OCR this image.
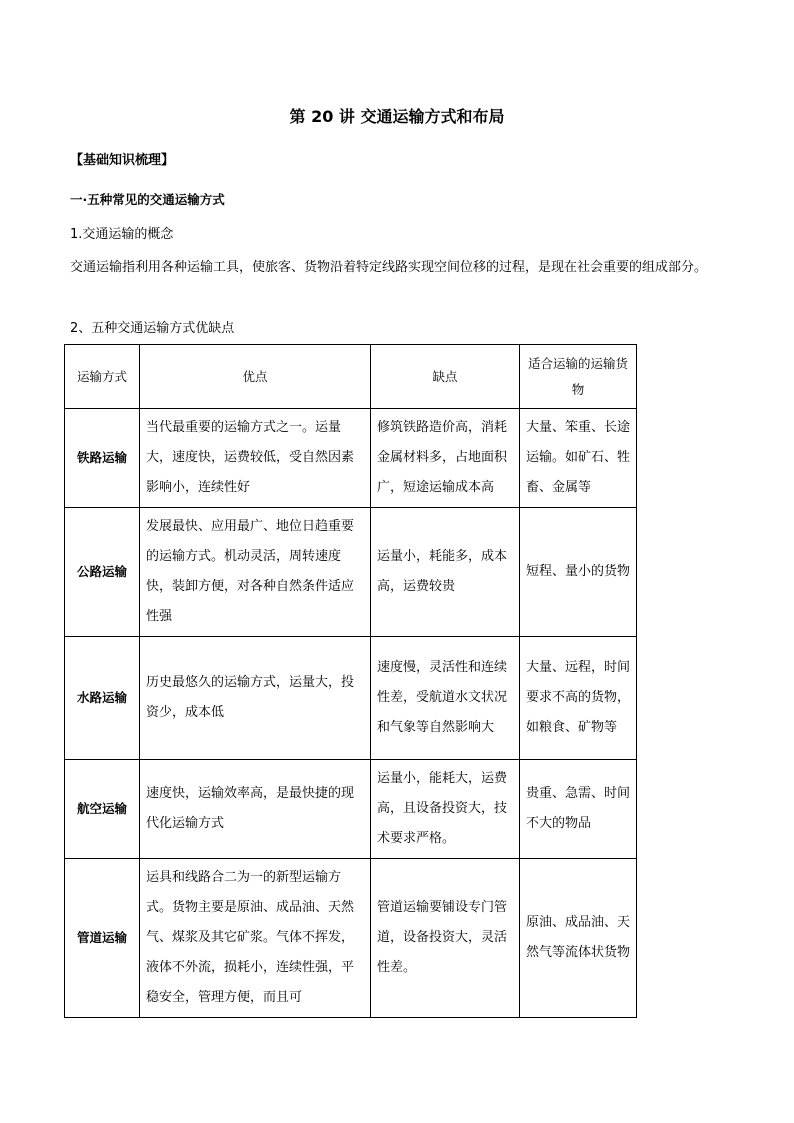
第 20 讲 交通运输方式和布局
【基础知识梳理】
一·五种常见的交通运输方式
1.交通运输的概念
交通运输指利用各种运输工具，使旅客、货物沿着特定线路实现空间位移的过程，是现在社会重要的组成部分。
2、五种交通运输方式优缺点
运输方式	优点	缺点	适合运输的运输货物
铁路运输	当代最重要的运输方式之一。运量大，速度快，运费较低，受自然因素影响小，连续性好	修筑铁路造价高，消耗金属材料多，占地面积广，短途运输成本高	大量、笨重、长途运输。如矿石、牲畜、金属等
公路运输	发展最快、应用最广、地位日趋重要的运输方式。机动灵活，周转速度快，装卸方便，对各种自然条件适应性强	运量小，耗能多，成本高，运费较贵	短程、量小的货物
水路运输	历史最悠久的运输方式，运量大，投资少，成本低	速度慢，灵活性和连续性差，受航道水文状况和气象等自然影响大	大量、远程，时间要求不高的货物，如粮食、矿物等
航空运输	速度快，运输效率高，是最快捷的现代化运输方式	运量小，能耗大，运费高，且设备投资大，技术要求严格。	贵重、急需、时间不大的物品
管道运输	运具和线路合二为一的新型运输方式。货物主要是原油、成品油、天然气、煤浆及其它矿浆。气体不挥发，液体不外流，损耗小，连续性强，平稳安全，管理方便，而且可	管道运输要铺设专门管道，设备投资大，灵活性差。	原油、成品油、天然气等流体状货物
